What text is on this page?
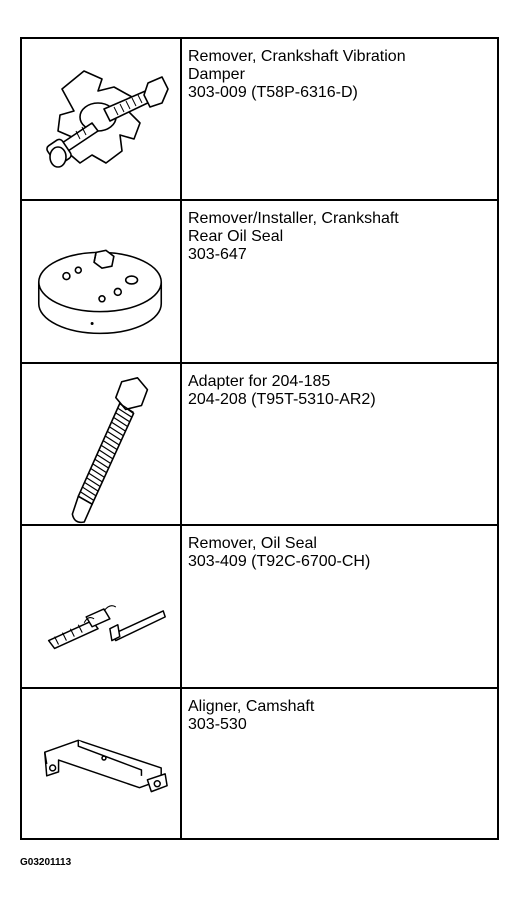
Remover, Crankshaft Vibration
Damper
303-009 (T58P-6316-D)
Remover/Installer, Crankshaft
Rear Oil Seal
303-647
Adapter for 204-185
204-208 (T95T-5310-AR2)
Remover, Oil Seal
303-409 (T92C-6700-CH)
Aligner, Camshaft
303-530
G03201113
